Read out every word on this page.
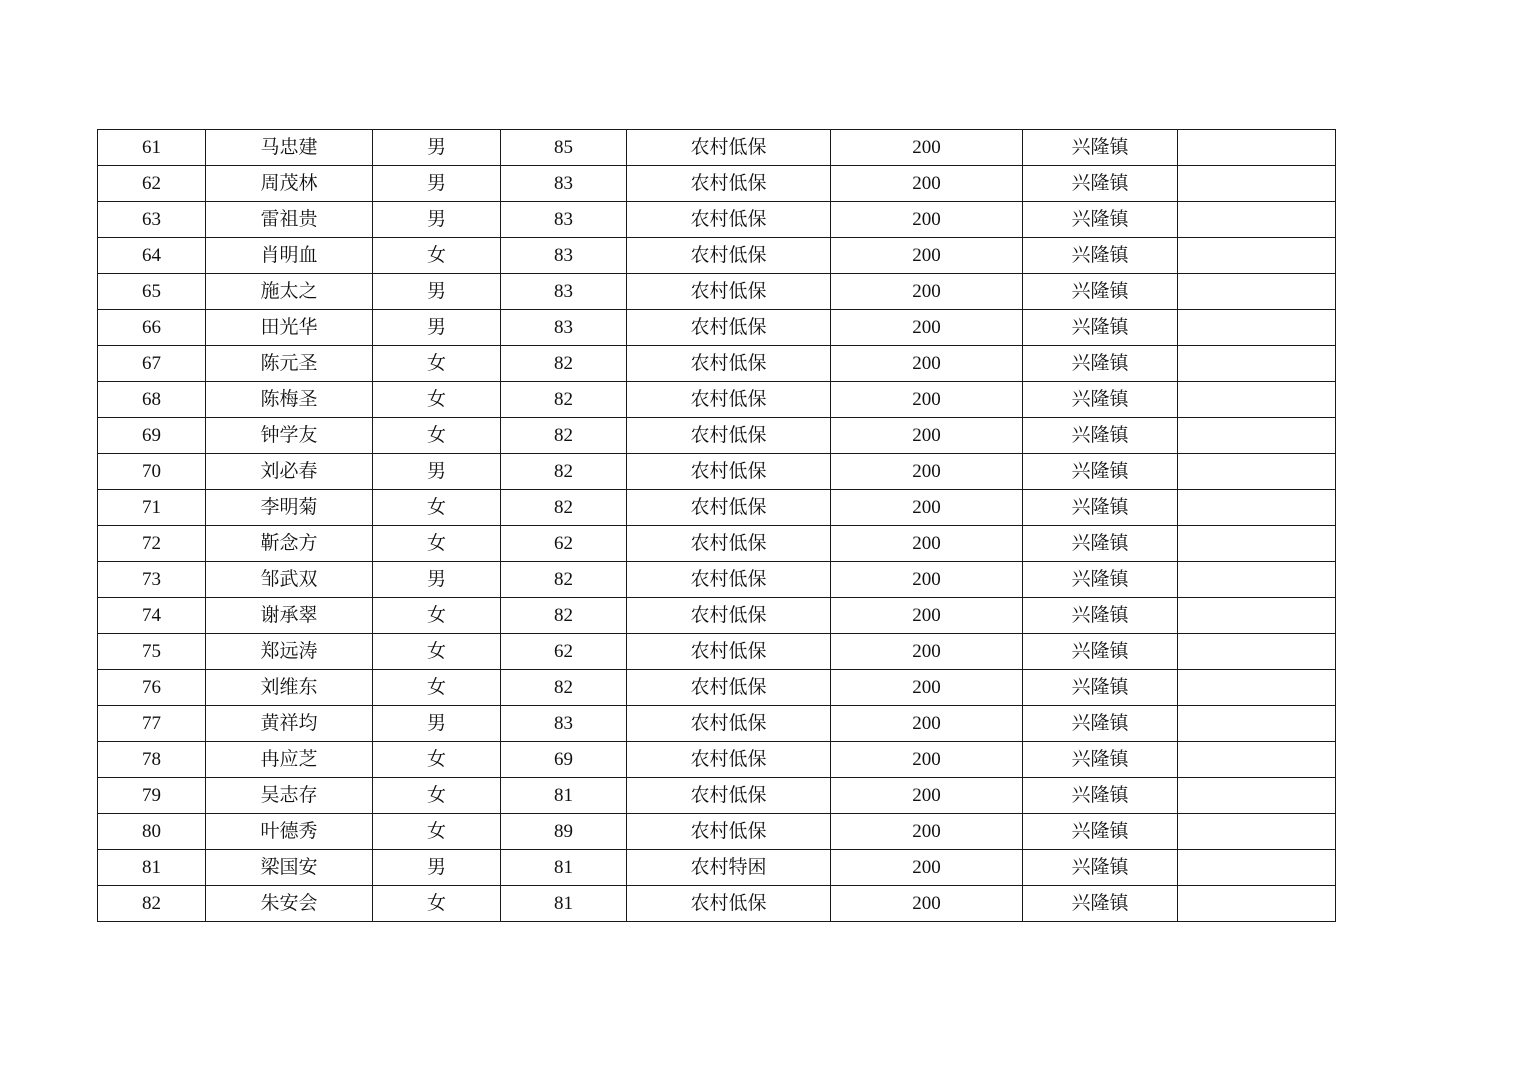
61	马忠建	男	85	农村低保	200	兴隆镇	
62	周茂林	男	83	农村低保	200	兴隆镇	
63	雷祖贵	男	83	农村低保	200	兴隆镇	
64	肖明血	女	83	农村低保	200	兴隆镇	
65	施太之	男	83	农村低保	200	兴隆镇	
66	田光华	男	83	农村低保	200	兴隆镇	
67	陈元圣	女	82	农村低保	200	兴隆镇	
68	陈梅圣	女	82	农村低保	200	兴隆镇	
69	钟学友	女	82	农村低保	200	兴隆镇	
70	刘必春	男	82	农村低保	200	兴隆镇	
71	李明菊	女	82	农村低保	200	兴隆镇	
72	靳念方	女	62	农村低保	200	兴隆镇	
73	邹武双	男	82	农村低保	200	兴隆镇	
74	谢承翠	女	82	农村低保	200	兴隆镇	
75	郑远涛	女	62	农村低保	200	兴隆镇	
76	刘维东	女	82	农村低保	200	兴隆镇	
77	黄祥均	男	83	农村低保	200	兴隆镇	
78	冉应芝	女	69	农村低保	200	兴隆镇	
79	吴志存	女	81	农村低保	200	兴隆镇	
80	叶德秀	女	89	农村低保	200	兴隆镇	
81	梁国安	男	81	农村特困	200	兴隆镇	
82	朱安会	女	81	农村低保	200	兴隆镇	
